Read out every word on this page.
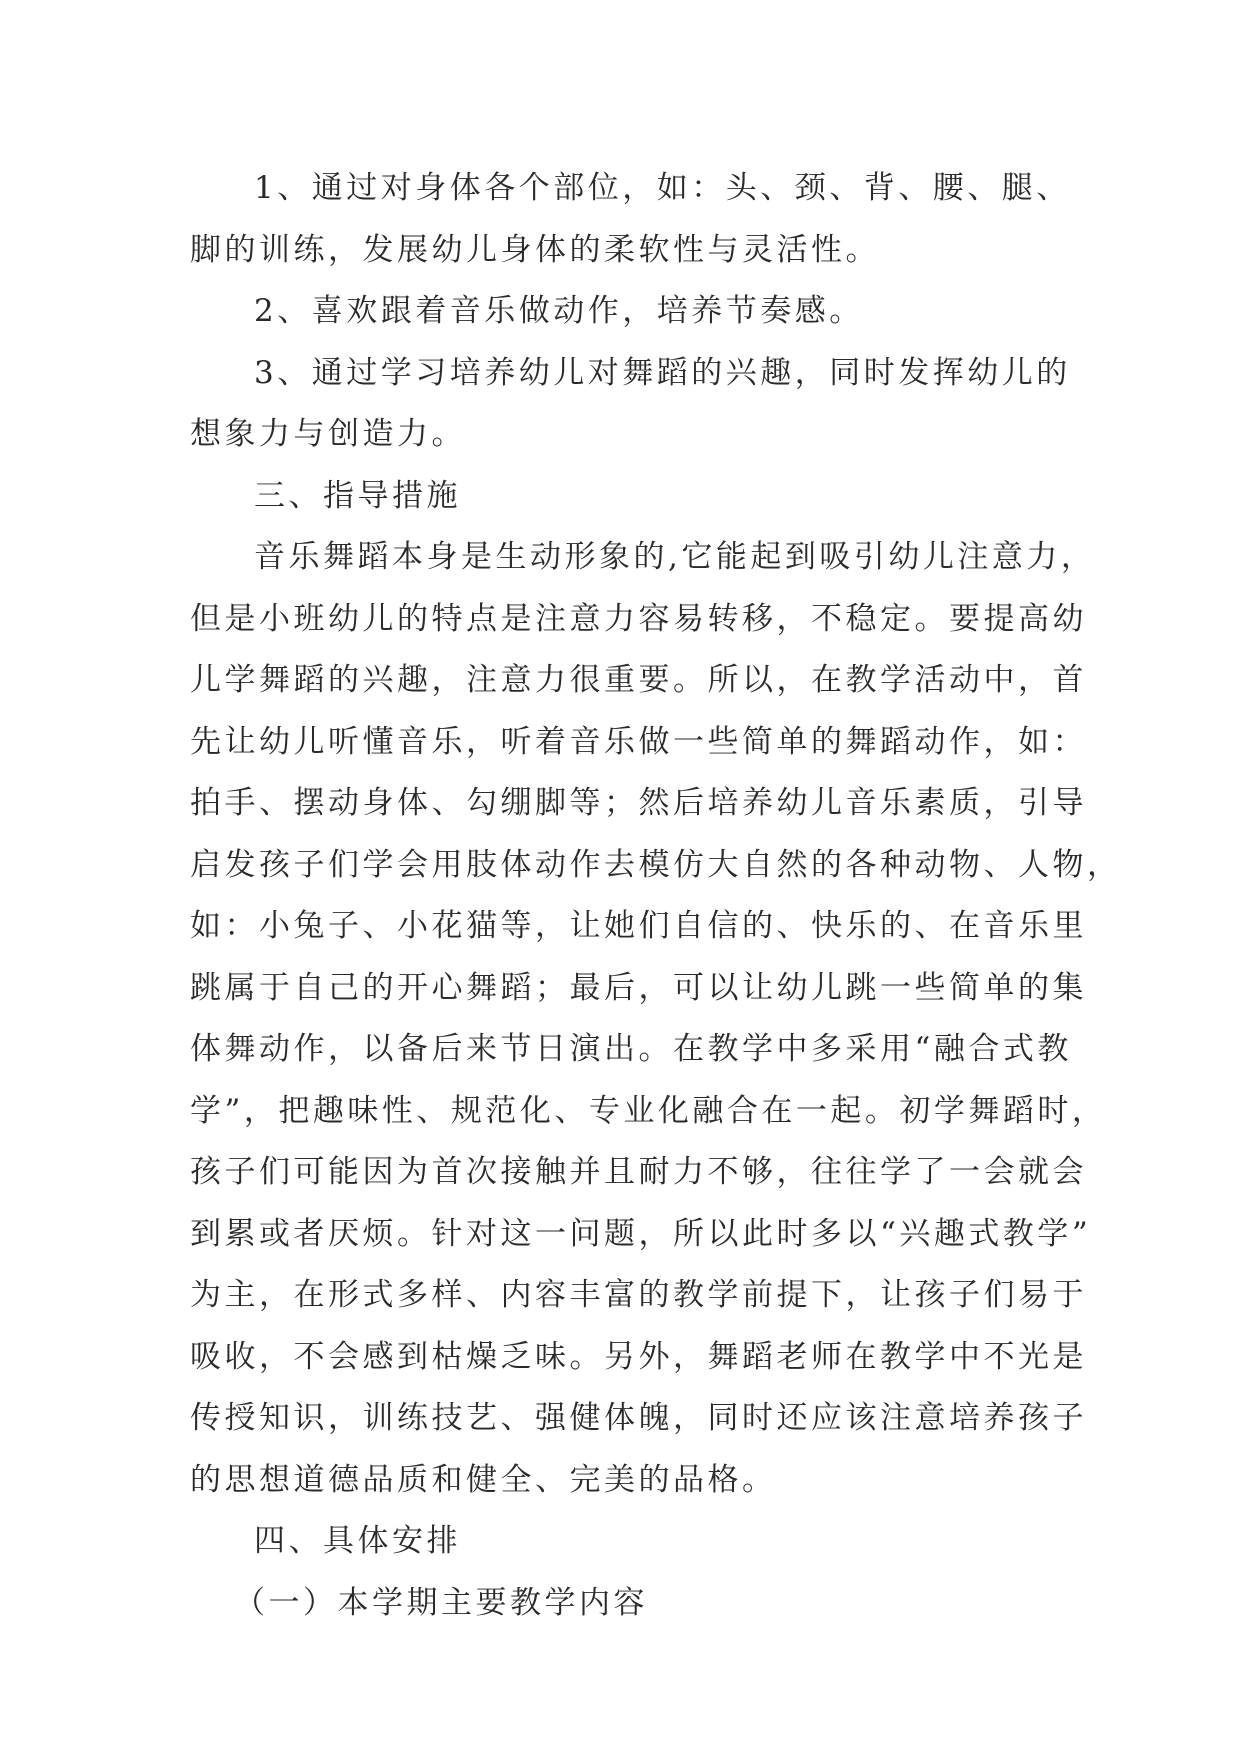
1、通过对身体各个部位，如：头、颈、背、腰、腿、
脚的训练，发展幼儿身体的柔软性与灵活性。
2、喜欢跟着音乐做动作，培养节奏感。
3、通过学习培养幼儿对舞蹈的兴趣，同时发挥幼儿的
想象力与创造力。
三、指导措施
音乐舞蹈本身是生动形象的,它能起到吸引幼儿注意力，
但是小班幼儿的特点是注意力容易转移，不稳定。要提高幼
儿学舞蹈的兴趣，注意力很重要。所以，在教学活动中，首
先让幼儿听懂音乐，听着音乐做一些简单的舞蹈动作，如：
拍手、摆动身体、勾绷脚等；然后培养幼儿音乐素质，引导
启发孩子们学会用肢体动作去模仿大自然的各种动物、人物，
如：小兔子、小花猫等，让她们自信的、快乐的、在音乐里
跳属于自己的开心舞蹈；最后，可以让幼儿跳一些简单的集
体舞动作，以备后来节日演出。在教学中多采用“融合式教
学”，把趣味性、规范化、专业化融合在一起。初学舞蹈时，
孩子们可能因为首次接触并且耐力不够，往往学了一会就会
到累或者厌烦。针对这一问题，所以此时多以“兴趣式教学”
为主，在形式多样、内容丰富的教学前提下，让孩子们易于
吸收，不会感到枯燥乏味。另外，舞蹈老师在教学中不光是
传授知识，训练技艺、强健体魄，同时还应该注意培养孩子
的思想道德品质和健全、完美的品格。
四、具体安排
（一）本学期主要教学内容
